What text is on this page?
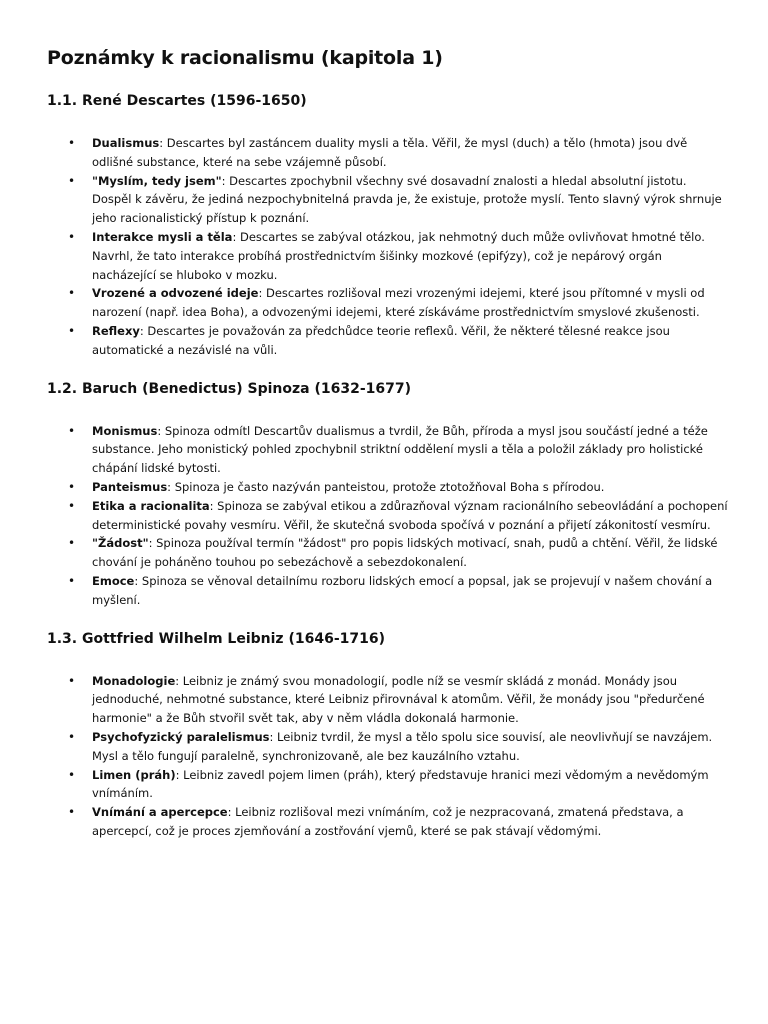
Poznámky k racionalismu (kapitola 1)
1.1. René Descartes (1596-1650)
• Dualismus: Descartes byl zastáncem duality mysli a těla. Věřil, že mysl (duch) a tělo (hmota) jsou dvě odlišné substance, které na sebe vzájemně působí.
• "Myslím, tedy jsem": Descartes zpochybnil všechny své dosavadní znalosti a hledal absolutní jistotu. Dospěl k závěru, že jediná nezpochybnitelná pravda je, že existuje, protože myslí. Tento slavný výrok shrnuje jeho racionalistický přístup k poznání.
• Interakce mysli a těla: Descartes se zabýval otázkou, jak nehmotný duch může ovlivňovat hmotné tělo. Navrhl, že tato interakce probíhá prostřednictvím šišinky mozkové (epifýzy), což je nepárový orgán nacházející se hluboko v mozku.
• Vrozené a odvozené ideje: Descartes rozlišoval mezi vrozenými idejemi, které jsou přítomné v mysli od narození (např. idea Boha), a odvozenými idejemi, které získáváme prostřednictvím smyslové zkušenosti.
• Reflexy: Descartes je považován za předchůdce teorie reflexů. Věřil, že některé tělesné reakce jsou automatické a nezávislé na vůli.
1.2. Baruch (Benedictus) Spinoza (1632-1677)
• Monismus: Spinoza odmítl Descartův dualismus a tvrdil, že Bůh, příroda a mysl jsou součástí jedné a téže substance. Jeho monistický pohled zpochybnil striktní oddělení mysli a těla a položil základy pro holistické chápání lidské bytosti.
• Panteismus: Spinoza je často nazýván panteistou, protože ztotožňoval Boha s přírodou.
• Etika a racionalita: Spinoza se zabýval etikou a zdůrazňoval význam racionálního sebeovládání a pochopení deterministické povahy vesmíru. Věřil, že skutečná svoboda spočívá v poznání a přijetí zákonitostí vesmíru.
• "Žádost": Spinoza používal termín "žádost" pro popis lidských motivací, snah, pudů a chtění. Věřil, že lidské chování je poháněno touhou po sebezáchově a sebezdokonalení.
• Emoce: Spinoza se věnoval detailnímu rozboru lidských emocí a popsal, jak se projevují v našem chování a myšlení.
1.3. Gottfried Wilhelm Leibniz (1646-1716)
• Monadologie: Leibniz je známý svou monadologií, podle níž se vesmír skládá z monád. Monády jsou jednoduché, nehmotné substance, které Leibniz přirovnával k atomům. Věřil, že monády jsou "předurčené harmonie" a že Bůh stvořil svět tak, aby v něm vládla dokonalá harmonie.
• Psychofyzický paralelismus: Leibniz tvrdil, že mysl a tělo spolu sice souvisí, ale neovlivňují se navzájem. Mysl a tělo fungují paralelně, synchronizovaně, ale bez kauzálního vztahu.
• Limen (práh): Leibniz zavedl pojem limen (práh), který představuje hranici mezi vědomým a nevědomým vnímáním.
• Vnímání a apercepce: Leibniz rozlišoval mezi vnímáním, což je nezpracovaná, zmatená představa, a apercepcí, což je proces zjemňování a zostřování vjemů, které se pak stávají vědomými.
